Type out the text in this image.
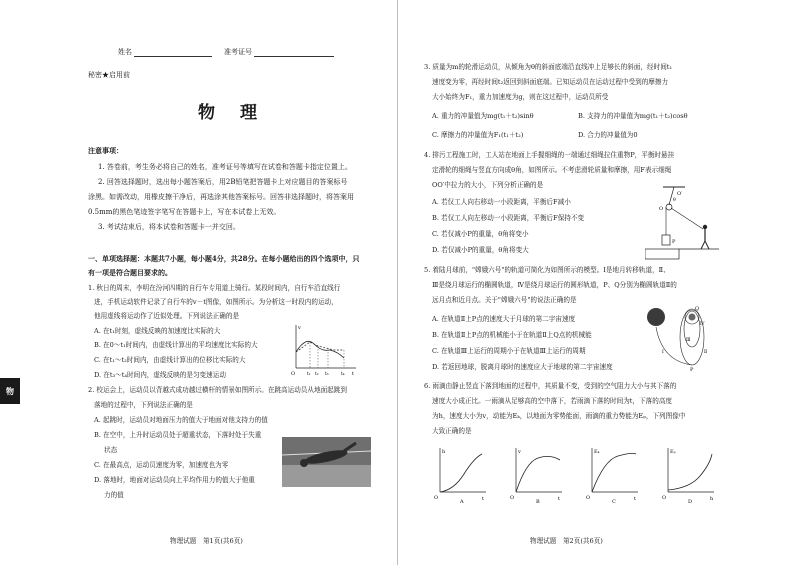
物
姓名	准考证号
秘密★启用前
物　理
注意事项：
1. 答卷前，考生务必将自己的姓名，准考证号等填写在试卷和答题卡指定位置上。
2. 回答选择题时，选出每小题答案后，用2B铅笔把答题卡上对应题目的答案标号
涂黑。如需改动，用橡皮擦干净后，再选涂其他答案标号。回答非选择题时，将答案用
0.5mm的黑色笔迹签字笔写在答题卡上，写在本试卷上无效。
3. 考试结束后，将本试卷和答题卡一并交回。
一、单项选择题：本题共7小题，每小题4分，共28分。在每小题给出的四个选项中，只
有一项是符合题目要求的。
1. 秋日的周末，李明在汾河四期的自行车专用道上骑行。某段时间内，自行车沿直线行
进，手机运动软件记录了自行车的v－t图像，如图所示。为分析这一时段内的运动，
他用虚线将运动作了近似处理。下列说法正确的是
A. 在t₁时刻，虚线反映的加速度比实际的大
B. 在0～t₁时间内，由虚线计算出的平均速度比实际的大
C. 在t₁～t₂时间内，由虚线计算出的位移比实际的大
D. 在t₃～t₄时间内，虚线反映的是匀变速运动
v
t
O	t₁ t₂ t₃	t₄
2. 校运会上，运动员以背越式成功越过横杆的情景如图所示。在跳高运动员从地面起跳到
落地的过程中，下列说法正确的是
A. 起跳时，运动员对地面压力的值大于地面对他支持力的值
B. 在空中，上升时运动员处于超重状态，下落时处于失重
状态
C. 在最高点，运动员速度为零，加速度也为零
D. 落地时，地面对运动员向上平均作用力的值大于他重
力的值
物理试题　第1页(共6页)
3. 质量为m的轮滑运动员，从倾角为θ的斜面底端沿直线冲上足够长的斜面，经时间t₁
速度变为零，再经时间t₂返回到斜面底端。已知运动员在运动过程中受到的摩擦力
大小始终为F₁，重力加速度为g，则在这过程中，运动员所受
A. 重力的冲量值为mg(t₁＋t₂)sinθ	B. 支持力的冲量值为mg(t₁＋t₂)cosθ
C. 摩擦力的冲量值为F₁(t₁＋t₂)	D. 合力的冲量值为0
4. 排污工程施工时，工人站在地面上手握细绳的一端通过细绳拉住重物P，平衡时悬挂
定滑轮的细绳与竖直方向成θ角，如图所示。不考虑滑轮质量和摩擦，用F表示细绳
OO′中拉力的大小，下列分析正确的是
A. 若仅工人向右移动一小段距离，平衡后F减小
B. 若仅工人向左移动一小段距离，平衡后F保持不变
C. 若仅减小P的重量，θ角将变小
D. 若仅减小P的重量，θ角将变大
O′
O
θ
P
5. 着陆月球前，"嫦娥六号"的轨道可简化为如图所示的模型。Ⅰ是地月转移轨道，Ⅱ、
Ⅲ是绕月球运行的椭圆轨道，Ⅳ是绕月球运行的圆形轨道，P、Q分别为椭圆轨道Ⅱ的
远月点和近月点。关于"嫦娥六号"的说法正确的是
A. 在轨道Ⅱ上P点的速度大于月球的第二宇宙速度
B. 在轨道Ⅱ上P点的机械能小于在轨道Ⅱ上Q点的机械能
C. 在轨道Ⅲ上运行的周期小于在轨道Ⅲ上运行的周期
D. 若返回地球，脱离月球时的速度应大于地球的第二宇宙速度
Q
P
Ⅰ	Ⅱ
Ⅲ
Ⅳ
6. 雨滴由静止竖直下落到地面的过程中，其质量不变，受到的空气阻力大小与其下落的
速度大小成正比。一雨滴从足够高的空中落下，若雨滴下落的时间为t，下落的高度
为h，速度大小为v，动能为Eₖ，以地面为零势能面，雨滴的重力势能为Eₚ，下列图像中
大致正确的是
h
t
O
A
v
t
O
B
Eₖ
t
O
C
Eₚ
h
O
D
物理试题　第2页(共6页)
